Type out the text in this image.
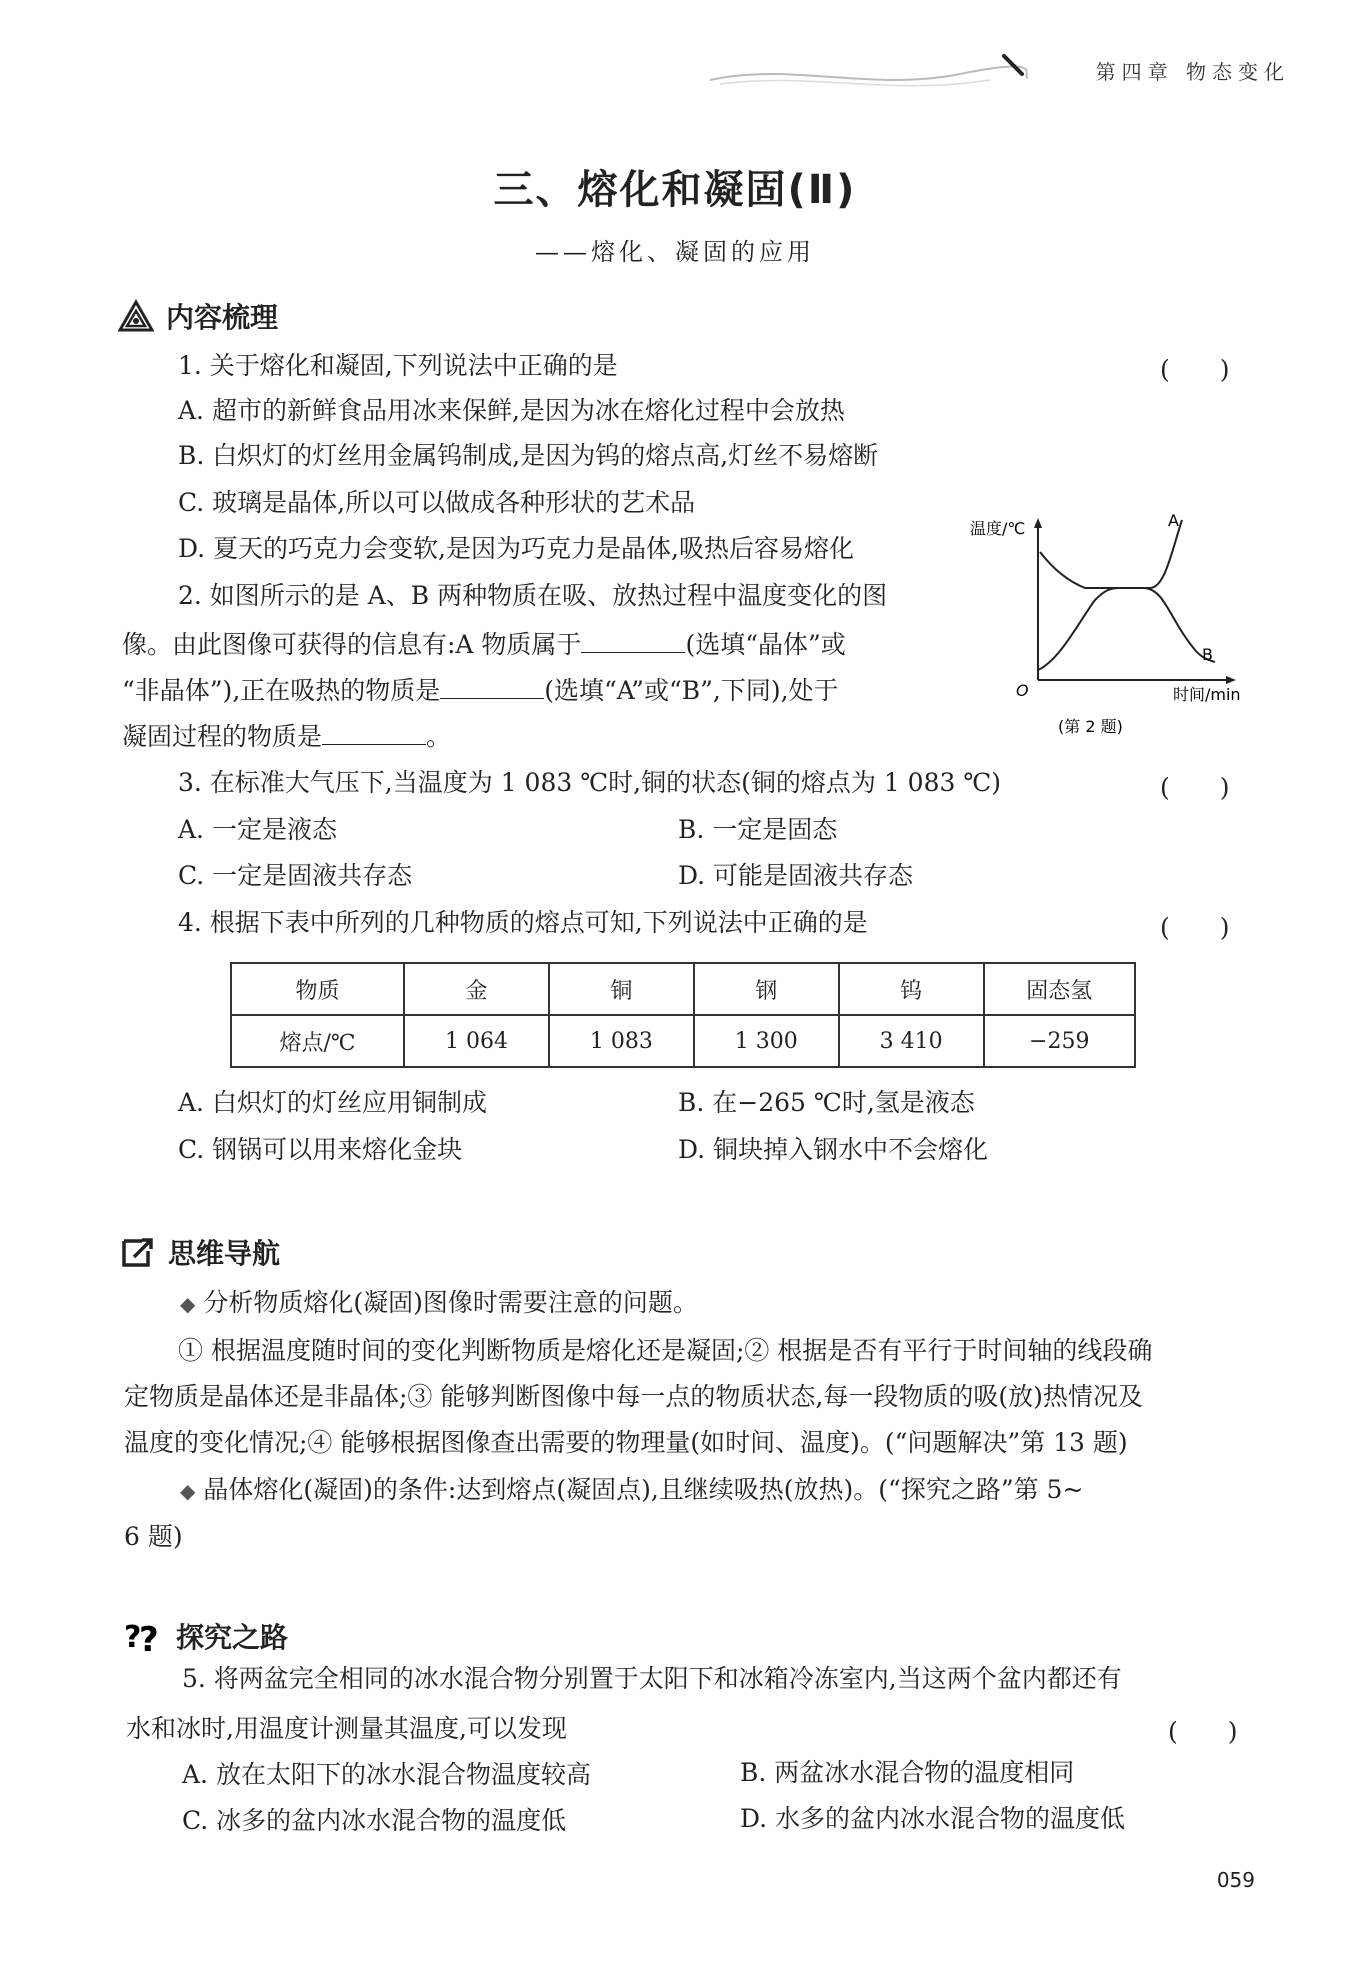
第四章 物态变化
三、熔化和凝固(Ⅱ)
——熔化、凝固的应用
内容梳理
1. 关于熔化和凝固,下列说法中正确的是	(　　)
A. 超市的新鲜食品用冰来保鲜,是因为冰在熔化过程中会放热
B. 白炽灯的灯丝用金属钨制成,是因为钨的熔点高,灯丝不易熔断
C. 玻璃是晶体,所以可以做成各种形状的艺术品
D. 夏天的巧克力会变软,是因为巧克力是晶体,吸热后容易熔化
2. 如图所示的是 A、B 两种物质在吸、放热过程中温度变化的图
像。由此图像可获得的信息有:A 物质属于	(选填“晶体”或
“非晶体”),正在吸热的物质是	(选填“A”或“B”,下同),处于
凝固过程的物质是	。
温度/℃	A
B
O	时间/min
(第 2 题)
3. 在标准大气压下,当温度为 1 083 ℃时,铜的状态(铜的熔点为 1 083 ℃)	(　　)
A. 一定是液态	B. 一定是固态
C. 一定是固液共存态	D. 可能是固液共存态
4. 根据下表中所列的几种物质的熔点可知,下列说法中正确的是	(　　)
物质	金	铜	钢	钨	固态氢
熔点/℃	1 064	1 083	1 300	3 410	−259
A. 白炽灯的灯丝应用铜制成	B. 在−265 ℃时,氢是液态
C. 钢锅可以用来熔化金块	D. 铜块掉入钢水中不会熔化
思维导航
◆ 分析物质熔化(凝固)图像时需要注意的问题。
① 根据温度随时间的变化判断物质是熔化还是凝固;② 根据是否有平行于时间轴的线段确
定物质是晶体还是非晶体;③ 能够判断图像中每一点的物质状态,每一段物质的吸(放)热情况及
温度的变化情况;④ 能够根据图像查出需要的物理量(如时间、温度)。(“问题解决”第 13 题)
◆ 晶体熔化(凝固)的条件:达到熔点(凝固点),且继续吸热(放热)。(“探究之路”第 5~
6 题)
?
? 探究之路
5. 将两盆完全相同的冰水混合物分别置于太阳下和冰箱冷冻室内,当这两个盆内都还有
水和冰时,用温度计测量其温度,可以发现	(　　)
A. 放在太阳下的冰水混合物温度较高	B. 两盆冰水混合物的温度相同
C. 冰多的盆内冰水混合物的温度低	D. 水多的盆内冰水混合物的温度低
059
